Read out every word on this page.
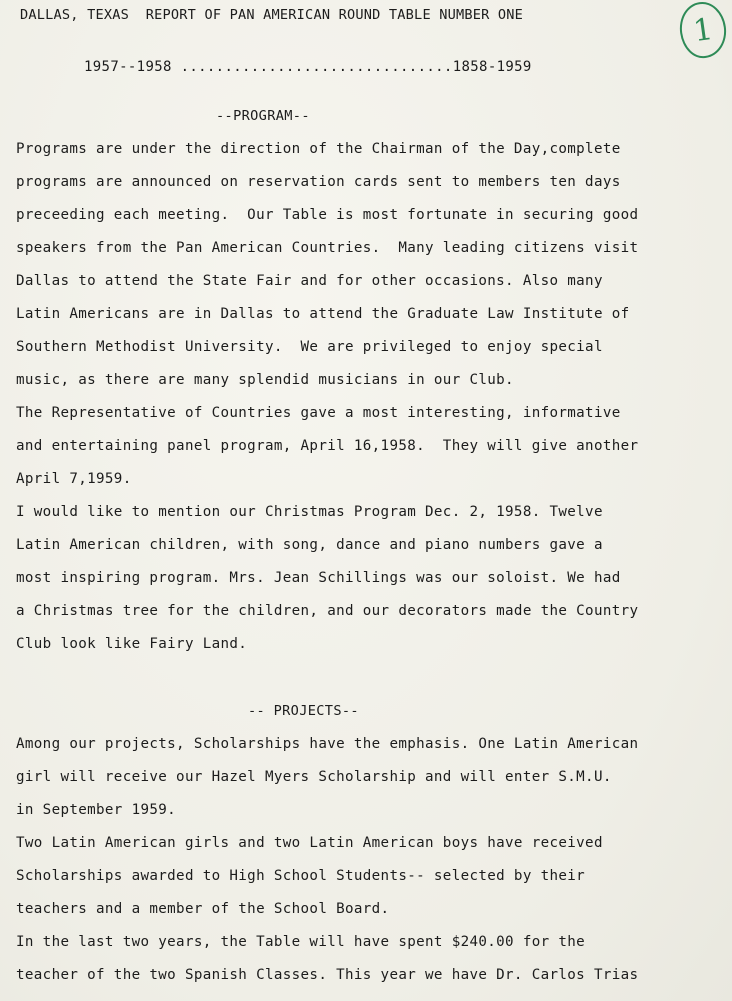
DALLAS, TEXAS  REPORT OF PAN AMERICAN ROUND TABLE NUMBER ONE	1
1957--1958 ...............................1858-1959
--PROGRAM--
Programs are under the direction of the Chairman of the Day,complete
programs are announced on reservation cards sent to members ten days
preceeding each meeting.  Our Table is most fortunate in securing good
speakers from the Pan American Countries.  Many leading citizens visit
Dallas to attend the State Fair and for other occasions. Also many
Latin Americans are in Dallas to attend the Graduate Law Institute of
Southern Methodist University.  We are privileged to enjoy special
music, as there are many splendid musicians in our Club.
The Representative of Countries gave a most interesting, informative
and entertaining panel program, April 16,1958.  They will give another
April 7,1959.
I would like to mention our Christmas Program Dec. 2, 1958. Twelve
Latin American children, with song, dance and piano numbers gave a
most inspiring program. Mrs. Jean Schillings was our soloist. We had
a Christmas tree for the children, and our decorators made the Country
Club look like Fairy Land.
-- PROJECTS--
Among our projects, Scholarships have the emphasis. One Latin American
girl will receive our Hazel Myers Scholarship and will enter S.M.U.
in September 1959.
Two Latin American girls and two Latin American boys have received
Scholarships awarded to High School Students-- selected by their
teachers and a member of the School Board.
In the last two years, the Table will have spent $240.00 for the
teacher of the two Spanish Classes. This year we have Dr. Carlos Trias
